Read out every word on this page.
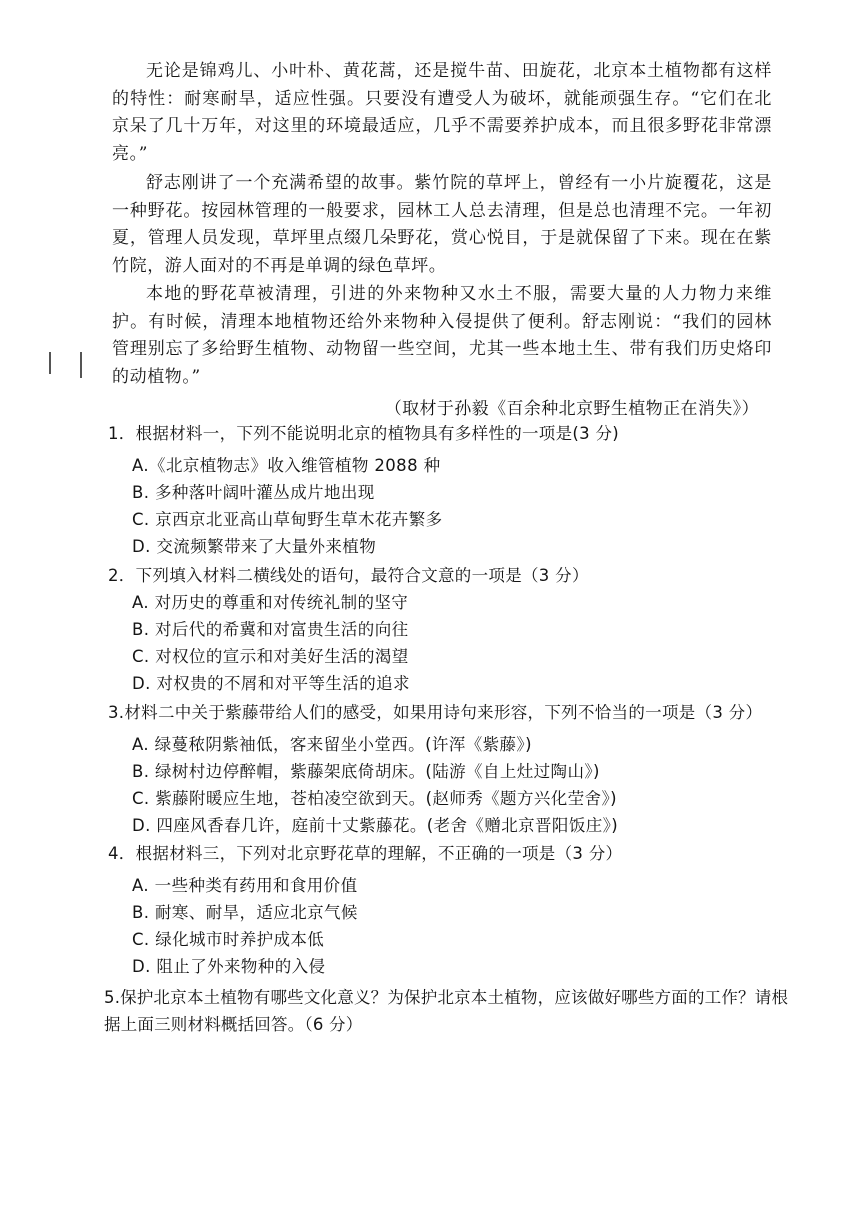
无论是锦鸡儿、小叶朴、黄花蒿，还是搅牛苗、田旋花，北京本土植物都有这样的特性：耐寒耐旱，适应性强。只要没有遭受人为破坏，就能顽强生存。“它们在北京呆了几十万年，对这里的环境最适应，几乎不需要养护成本，而且很多野花非常漂亮。”

舒志刚讲了一个充满希望的故事。紫竹院的草坪上，曾经有一小片旋覆花，这是一种野花。按园林管理的一般要求，园林工人总去清理，但是总也清理不完。一年初夏，管理人员发现，草坪里点缀几朵野花，赏心悦目，于是就保留了下来。现在在紫竹院，游人面对的不再是单调的绿色草坪。

本地的野花草被清理，引进的外来物种又水土不服，需要大量的人力物力来维护。有时候，清理本地植物还给外来物种入侵提供了便利。舒志刚说：“我们的园林管理别忘了多给野生植物、动物留一些空间，尤其一些本地土生、带有我们历史烙印的动植物。”

（取材于孙毅《百余种北京野生植物正在消失》）

1．根据材料一，下列不能说明北京的植物具有多样性的一项是(3 分)

A.《北京植物志》收入维管植物 2088 种

B. 多种落叶阔叶灌丛成片地出现

C. 京西京北亚高山草甸野生草木花卉繁多

D. 交流频繁带来了大量外来植物

2．下列填入材料二横线处的语句，最符合文意的一项是（3 分）

A. 对历史的尊重和对传统礼制的坚守

B. 对后代的希冀和对富贵生活的向往

C. 对权位的宣示和对美好生活的渴望

D. 对权贵的不屑和对平等生活的追求

3.材料二中关于紫藤带给人们的感受，如果用诗句来形容，下列不恰当的一项是（3 分）

A. 绿蔓秾阴紫袖低，客来留坐小堂西。(许浑《紫藤》)

B. 绿树村边停醉帽，紫藤架底倚胡床。(陆游《自上灶过陶山》)

C. 紫藤附暖应生地，苍柏凌空欲到天。(赵师秀《题方兴化茔舍》)

D. 四座风香春几许，庭前十丈紫藤花。(老舍《赠北京晋阳饭庄》)

4．根据材料三，下列对北京野花草的理解，不正确的一项是（3 分）

A. 一些种类有药用和食用价值

B. 耐寒、耐旱，适应北京气候

C. 绿化城市时养护成本低

D. 阻止了外来物种的入侵

5.保护北京本土植物有哪些文化意义？为保护北京本土植物，应该做好哪些方面的工作？请根据上面三则材料概括回答。（6 分）
